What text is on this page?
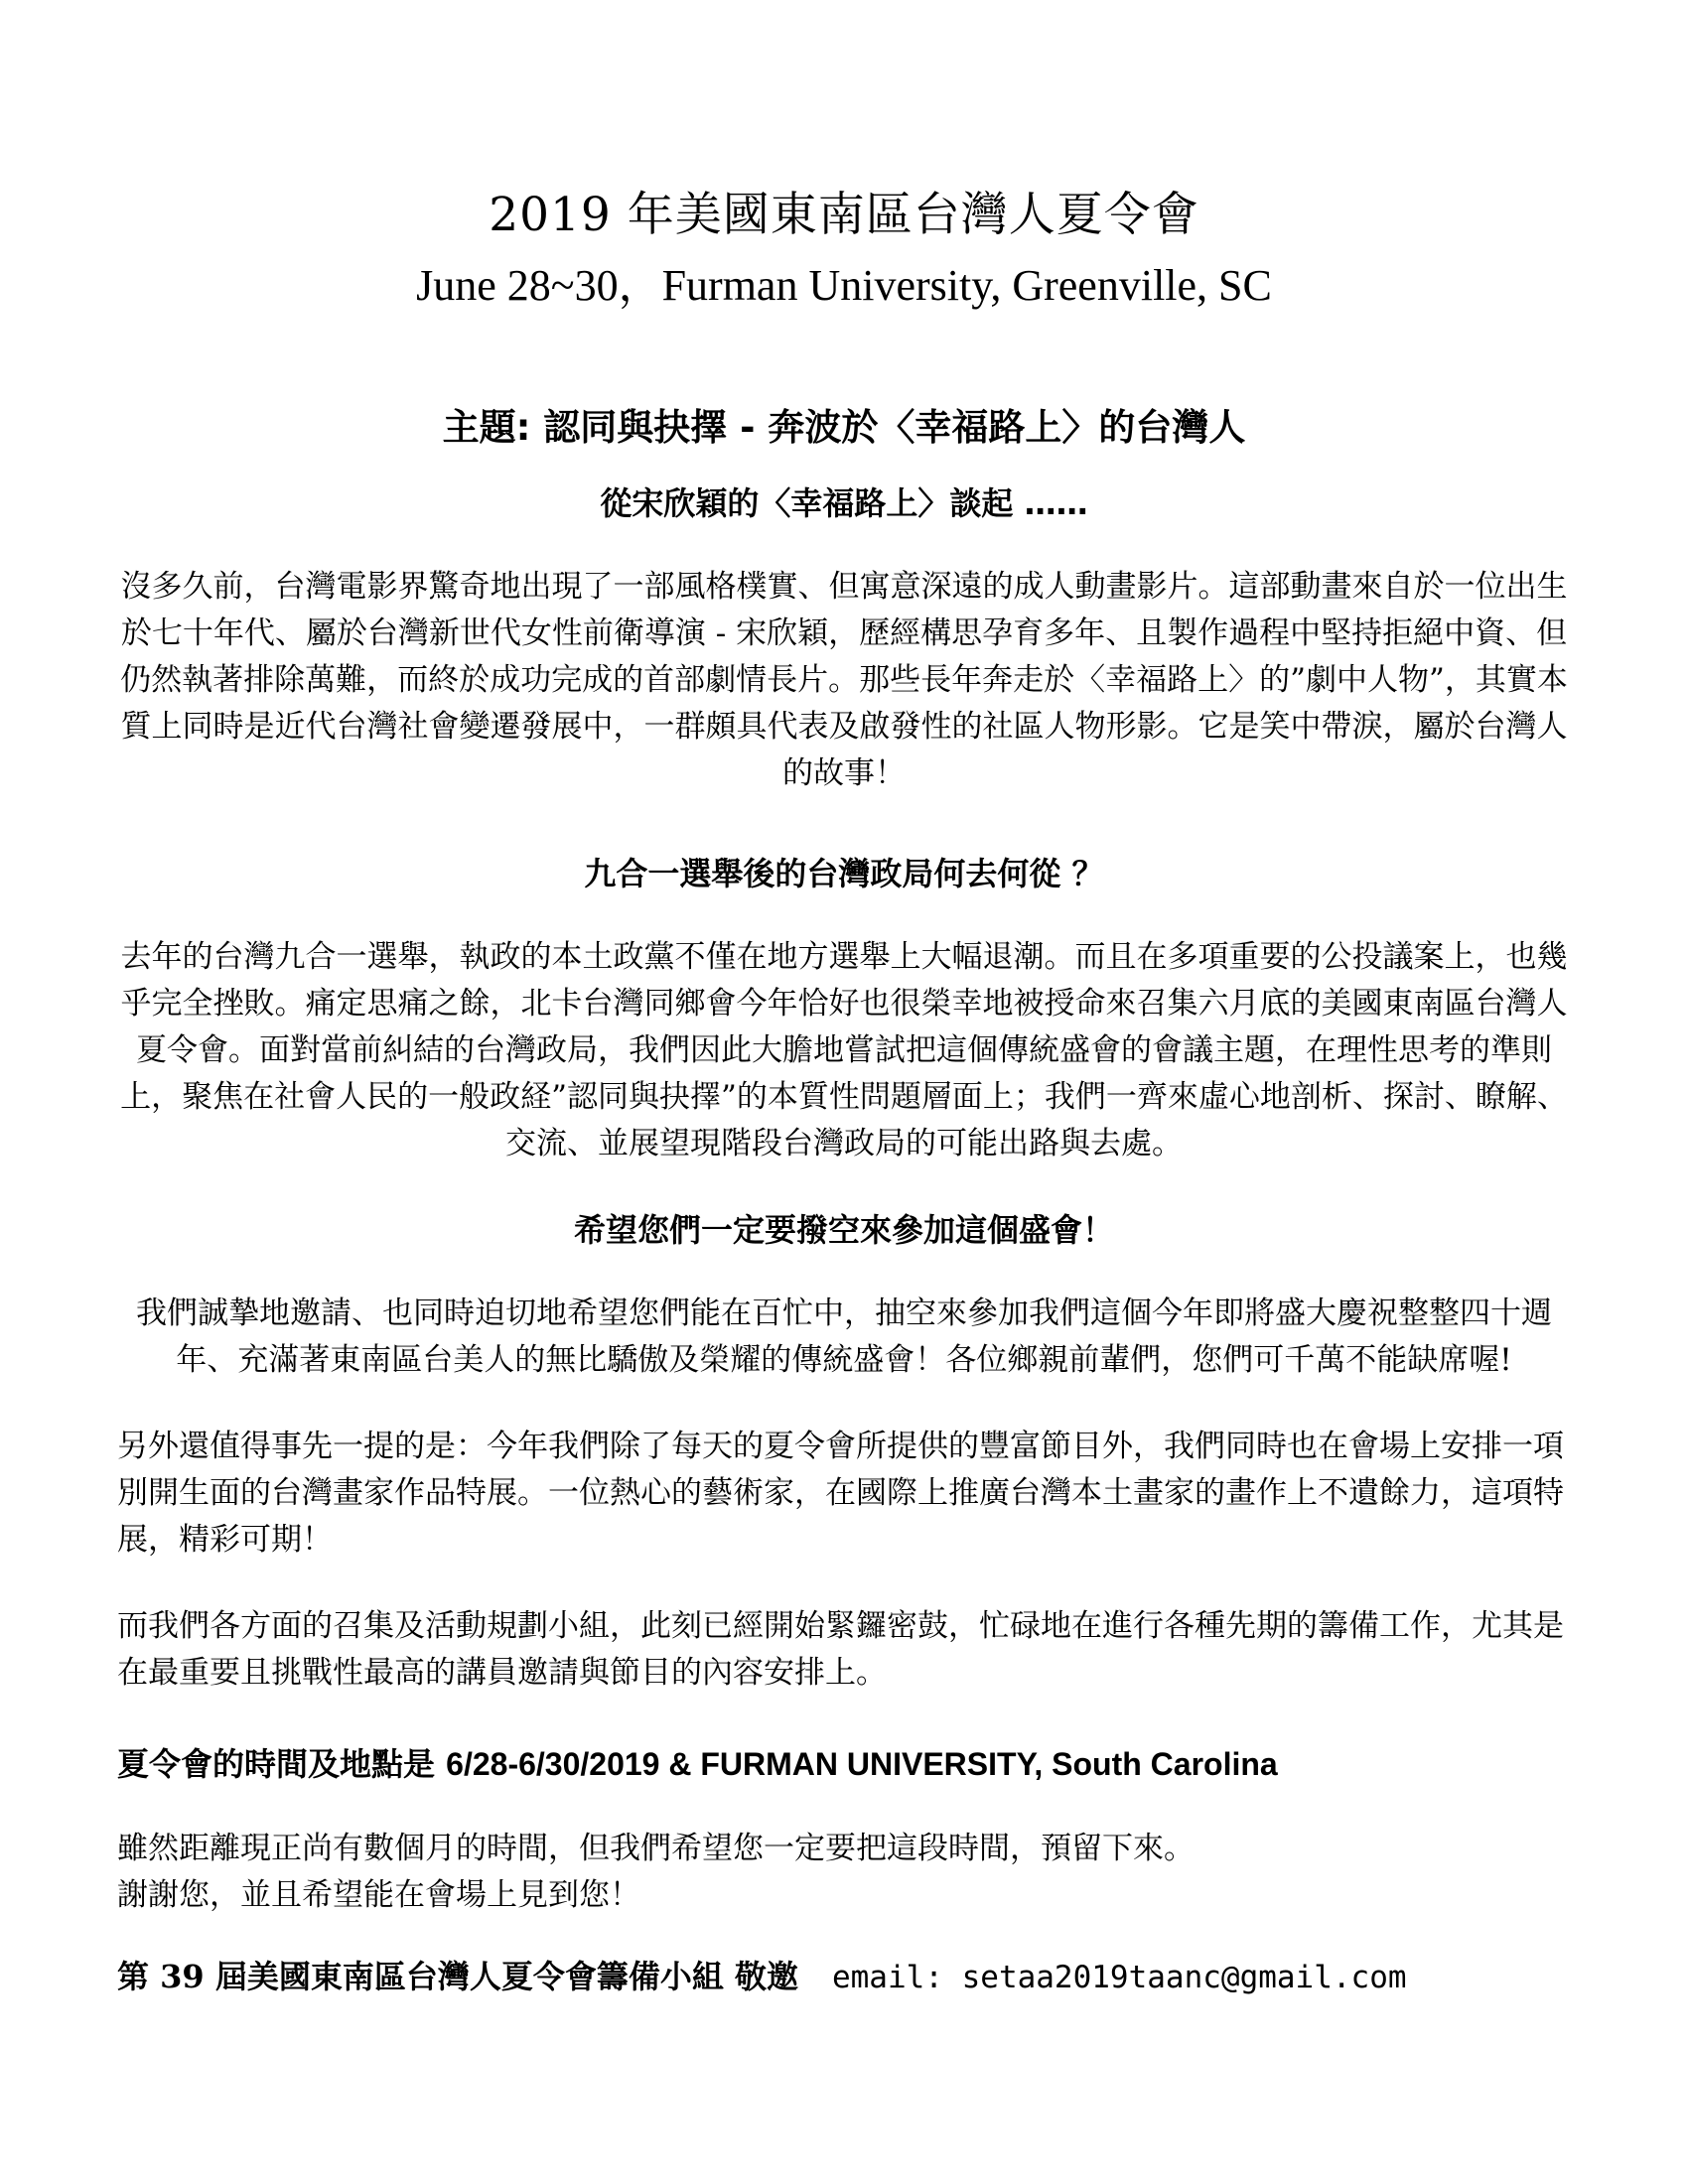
2019 年美國東南區台灣人夏令會
June 28~30，Furman University, Greenville, SC
主題: 認同與抉擇 - 奔波於〈幸福路上〉的台灣人
從宋欣穎的〈幸福路上〉談起 ……
沒多久前，台灣電影界驚奇地出現了一部風格樸實、但寓意深遠的成人動畫影片。這部動畫來自於一位出生於七十年代、屬於台灣新世代女性前衛導演 - 宋欣穎，歷經構思孕育多年、且製作過程中堅持拒絕中資、但仍然執著排除萬難，而終於成功完成的首部劇情長片。那些長年奔走於〈幸福路上〉的”劇中人物”，其實本質上同時是近代台灣社會變遷發展中，一群頗具代表及啟發性的社區人物形影。它是笑中帶淚，屬於台灣人的故事！
九合一選舉後的台灣政局何去何從 ？
去年的台灣九合一選舉，執政的本土政黨不僅在地方選舉上大幅退潮。而且在多項重要的公投議案上，也幾乎完全挫敗。痛定思痛之餘，北卡台灣同鄉會今年恰好也很榮幸地被授命來召集六月底的美國東南區台灣人夏令會。面對當前糾結的台灣政局，我們因此大膽地嘗試把這個傳統盛會的會議主題，在理性思考的準則上，聚焦在社會人民的一般政経”認同與抉擇”的本質性問題層面上；我們一齊來虛心地剖析、探討、瞭解、交流、並展望現階段台灣政局的可能出路與去處。
希望您們一定要撥空來參加這個盛會！
我們誠摯地邀請、也同時迫切地希望您們能在百忙中，抽空來參加我們這個今年即將盛大慶祝整整四十週年、充滿著東南區台美人的無比驕傲及榮耀的傳統盛會！各位鄉親前輩們，您們可千萬不能缺席喔!
另外還值得事先一提的是：今年我們除了每天的夏令會所提供的豐富節目外，我們同時也在會場上安排一項別開生面的台灣畫家作品特展。一位熱心的藝術家，在國際上推廣台灣本土畫家的畫作上不遺餘力，這項特展，精彩可期！
而我們各方面的召集及活動規劃小組，此刻已經開始緊鑼密鼓，忙碌地在進行各種先期的籌備工作，尤其是在最重要且挑戰性最高的講員邀請與節目的內容安排上。
夏令會的時間及地點是 6/28-6/30/2019 & FURMAN UNIVERSITY, South Carolina
雖然距離現正尚有數個月的時間，但我們希望您一定要把這段時間，預留下來。
謝謝您，並且希望能在會場上見到您！
第 39 屆美國東南區台灣人夏令會籌備小組 敬邀 email: setaa2019taanc@gmail.com
